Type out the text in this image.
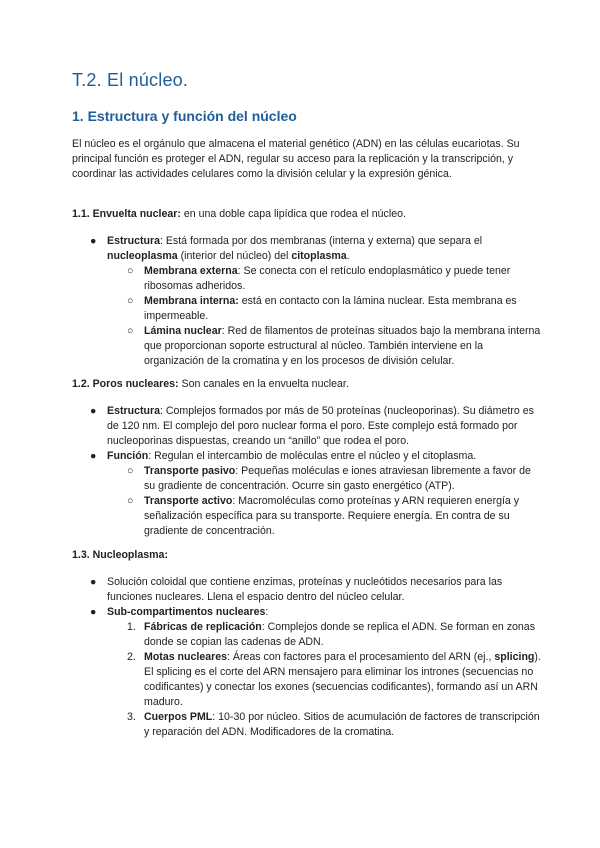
T.2. El núcleo.
1. Estructura y función del núcleo

El núcleo es el orgánulo que almacena el material genético (ADN) en las células eucariotas. Su principal función es proteger el ADN, regular su acceso para la replicación y la transcripción, y coordinar las actividades celulares como la división celular y la expresión génica.

1.1. Envuelta nuclear: en una doble capa lipídica que rodea el núcleo.

● Estructura: Está formada por dos membranas (interna y externa) que separa el nucleoplasma (interior del núcleo) del citoplasma.
○ Membrana externa: Se conecta con el retículo endoplasmático y puede tener ribosomas adheridos.
○ Membrana interna: está en contacto con la lámina nuclear. Esta membrana es impermeable.
○ Lámina nuclear: Red de filamentos de proteínas situados bajo la membrana interna que proporcionan soporte estructural al núcleo. También interviene en la organización de la cromatina y en los procesos de división celular.

1.2. Poros nucleares: Son canales en la envuelta nuclear.

● Estructura: Complejos formados por más de 50 proteínas (nucleoporinas). Su diámetro es de 120 nm. El complejo del poro nuclear forma el poro. Este complejo está formado por nucleoporinas dispuestas, creando un “anillo” que rodea el poro.
● Función: Regulan el intercambio de moléculas entre el núcleo y el citoplasma.
○ Transporte pasivo: Pequeñas moléculas e iones atraviesan libremente a favor de su gradiente de concentración. Ocurre sin gasto energético (ATP).
○ Transporte activo: Macromoléculas como proteínas y ARN requieren energía y señalización específica para su transporte. Requiere energía. En contra de su gradiente de concentración.

1.3. Nucleoplasma:

● Solución coloidal que contiene enzimas, proteínas y nucleótidos necesarios para las funciones nucleares. Llena el espacio dentro del núcleo celular.
● Sub-compartimentos nucleares:
1. Fábricas de replicación: Complejos donde se replica el ADN. Se forman en zonas donde se copian las cadenas de ADN.
2. Motas nucleares: Áreas con factores para el procesamiento del ARN (ej., splicing). El splicing es el corte del ARN mensajero para eliminar los intrones (secuencias no codificantes) y conectar los exones (secuencias codificantes), formando así un ARN maduro.
3. Cuerpos PML: 10-30 por núcleo. Sitios de acumulación de factores de transcripción y reparación del ADN. Modificadores de la cromatina.
